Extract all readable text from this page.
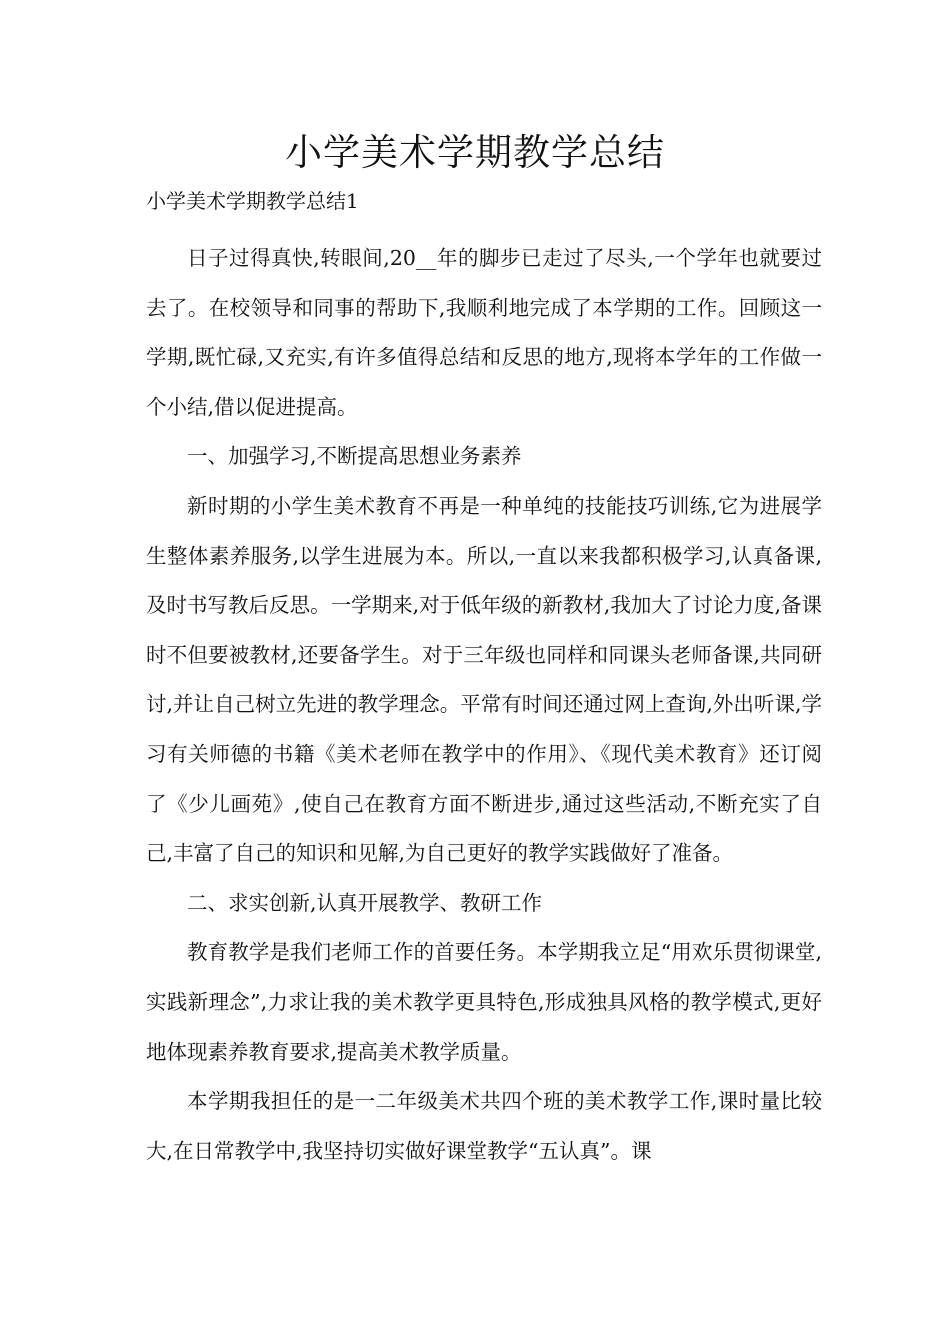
小学美术学期教学总结

小学美术学期教学总结1

日子过得真快,转眼间,20__年的脚步已走过了尽头,一个学年也就要过去了。在校领导和同事的帮助下,我顺利地完成了本学期的工作。回顾这一学期,既忙碌,又充实,有许多值得总结和反思的地方,现将本学年的工作做一个小结,借以促进提高。

一、加强学习,不断提高思想业务素养

新时期的小学生美术教育不再是一种单纯的技能技巧训练,它为进展学生整体素养服务,以学生进展为本。所以,一直以来我都积极学习,认真备课,及时书写教后反思。一学期来,对于低年级的新教材,我加大了讨论力度,备课时不但要被教材,还要备学生。对于三年级也同样和同课头老师备课,共同研讨,并让自己树立先进的教学理念。平常有时间还通过网上查询,外出听课,学习有关师德的书籍《美术老师在教学中的作用》、《现代美术教育》还订阅了《少儿画苑》,使自己在教育方面不断进步,通过这些活动,不断充实了自己,丰富了自己的知识和见解,为自己更好的教学实践做好了准备。

二、求实创新,认真开展教学、教研工作

教育教学是我们老师工作的首要任务。本学期我立足“用欢乐贯彻课堂,实践新理念”,力求让我的美术教学更具特色,形成独具风格的教学模式,更好地体现素养教育要求,提高美术教学质量。

本学期我担任的是一二年级美术共四个班的美术教学工作,课时量比较大,在日常教学中,我坚持切实做好课堂教学“五认真”。课
